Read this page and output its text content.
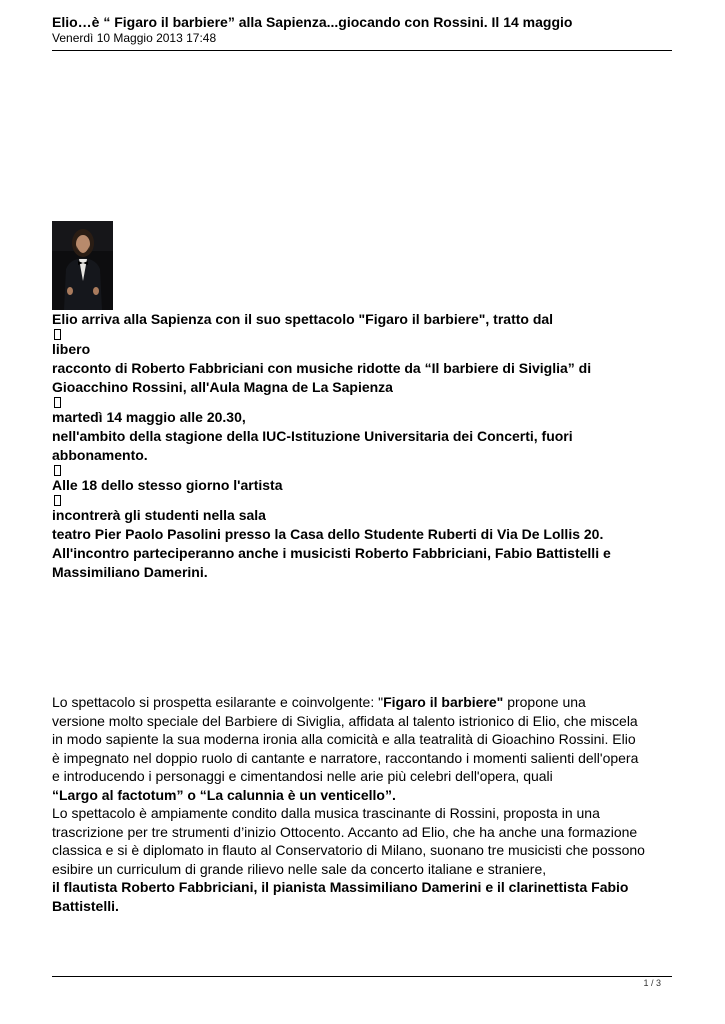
Elio…è “ Figaro il barbiere” alla Sapienza...giocando con Rossini. Il 14 maggio
Venerdì 10 Maggio 2013 17:48
Elio arriva alla Sapienza con il suo spettacolo "Figaro il barbiere", tratto dal
libero
racconto di Roberto Fabbriciani con musiche ridotte da “Il barbiere di Siviglia” di
Gioacchino Rossini, all'Aula Magna de La Sapienza
martedì 14 maggio alle 20.30,
nell'ambito della stagione della IUC-Istituzione Universitaria dei Concerti, fuori
abbonamento.
Alle 18 dello stesso giorno l'artista
incontrerà gli studenti nella sala
teatro Pier Paolo Pasolini presso la Casa dello Studente Ruberti di Via De Lollis 20.
All'incontro parteciperanno anche i musicisti Roberto Fabbriciani, Fabio Battistelli e
Massimiliano Damerini.
Lo spettacolo si prospetta esilarante e coinvolgente: "Figaro il barbiere" propone una
versione molto speciale del Barbiere di Siviglia, affidata al talento istrionico di Elio, che miscela
in modo sapiente la sua moderna ironia alla comicità e alla teatralità di Gioachino Rossini. Elio
è impegnato nel doppio ruolo di cantante e narratore, raccontando i momenti salienti dell'opera
e introducendo i personaggi e cimentandosi nelle arie più celebri dell'opera, quali
“Largo al factotum” o “La calunnia è un venticello”.
Lo spettacolo è ampiamente condito dalla musica trascinante di Rossini, proposta in una
trascrizione per tre strumenti d’inizio Ottocento. Accanto ad Elio, che ha anche una formazione
classica e si è diplomato in flauto al Conservatorio di Milano, suonano tre musicisti che possono
esibire un curriculum di grande rilievo nelle sale da concerto italiane e straniere,
il flautista Roberto Fabbriciani, il pianista Massimiliano Damerini e il clarinettista Fabio
Battistelli.
1 / 3
